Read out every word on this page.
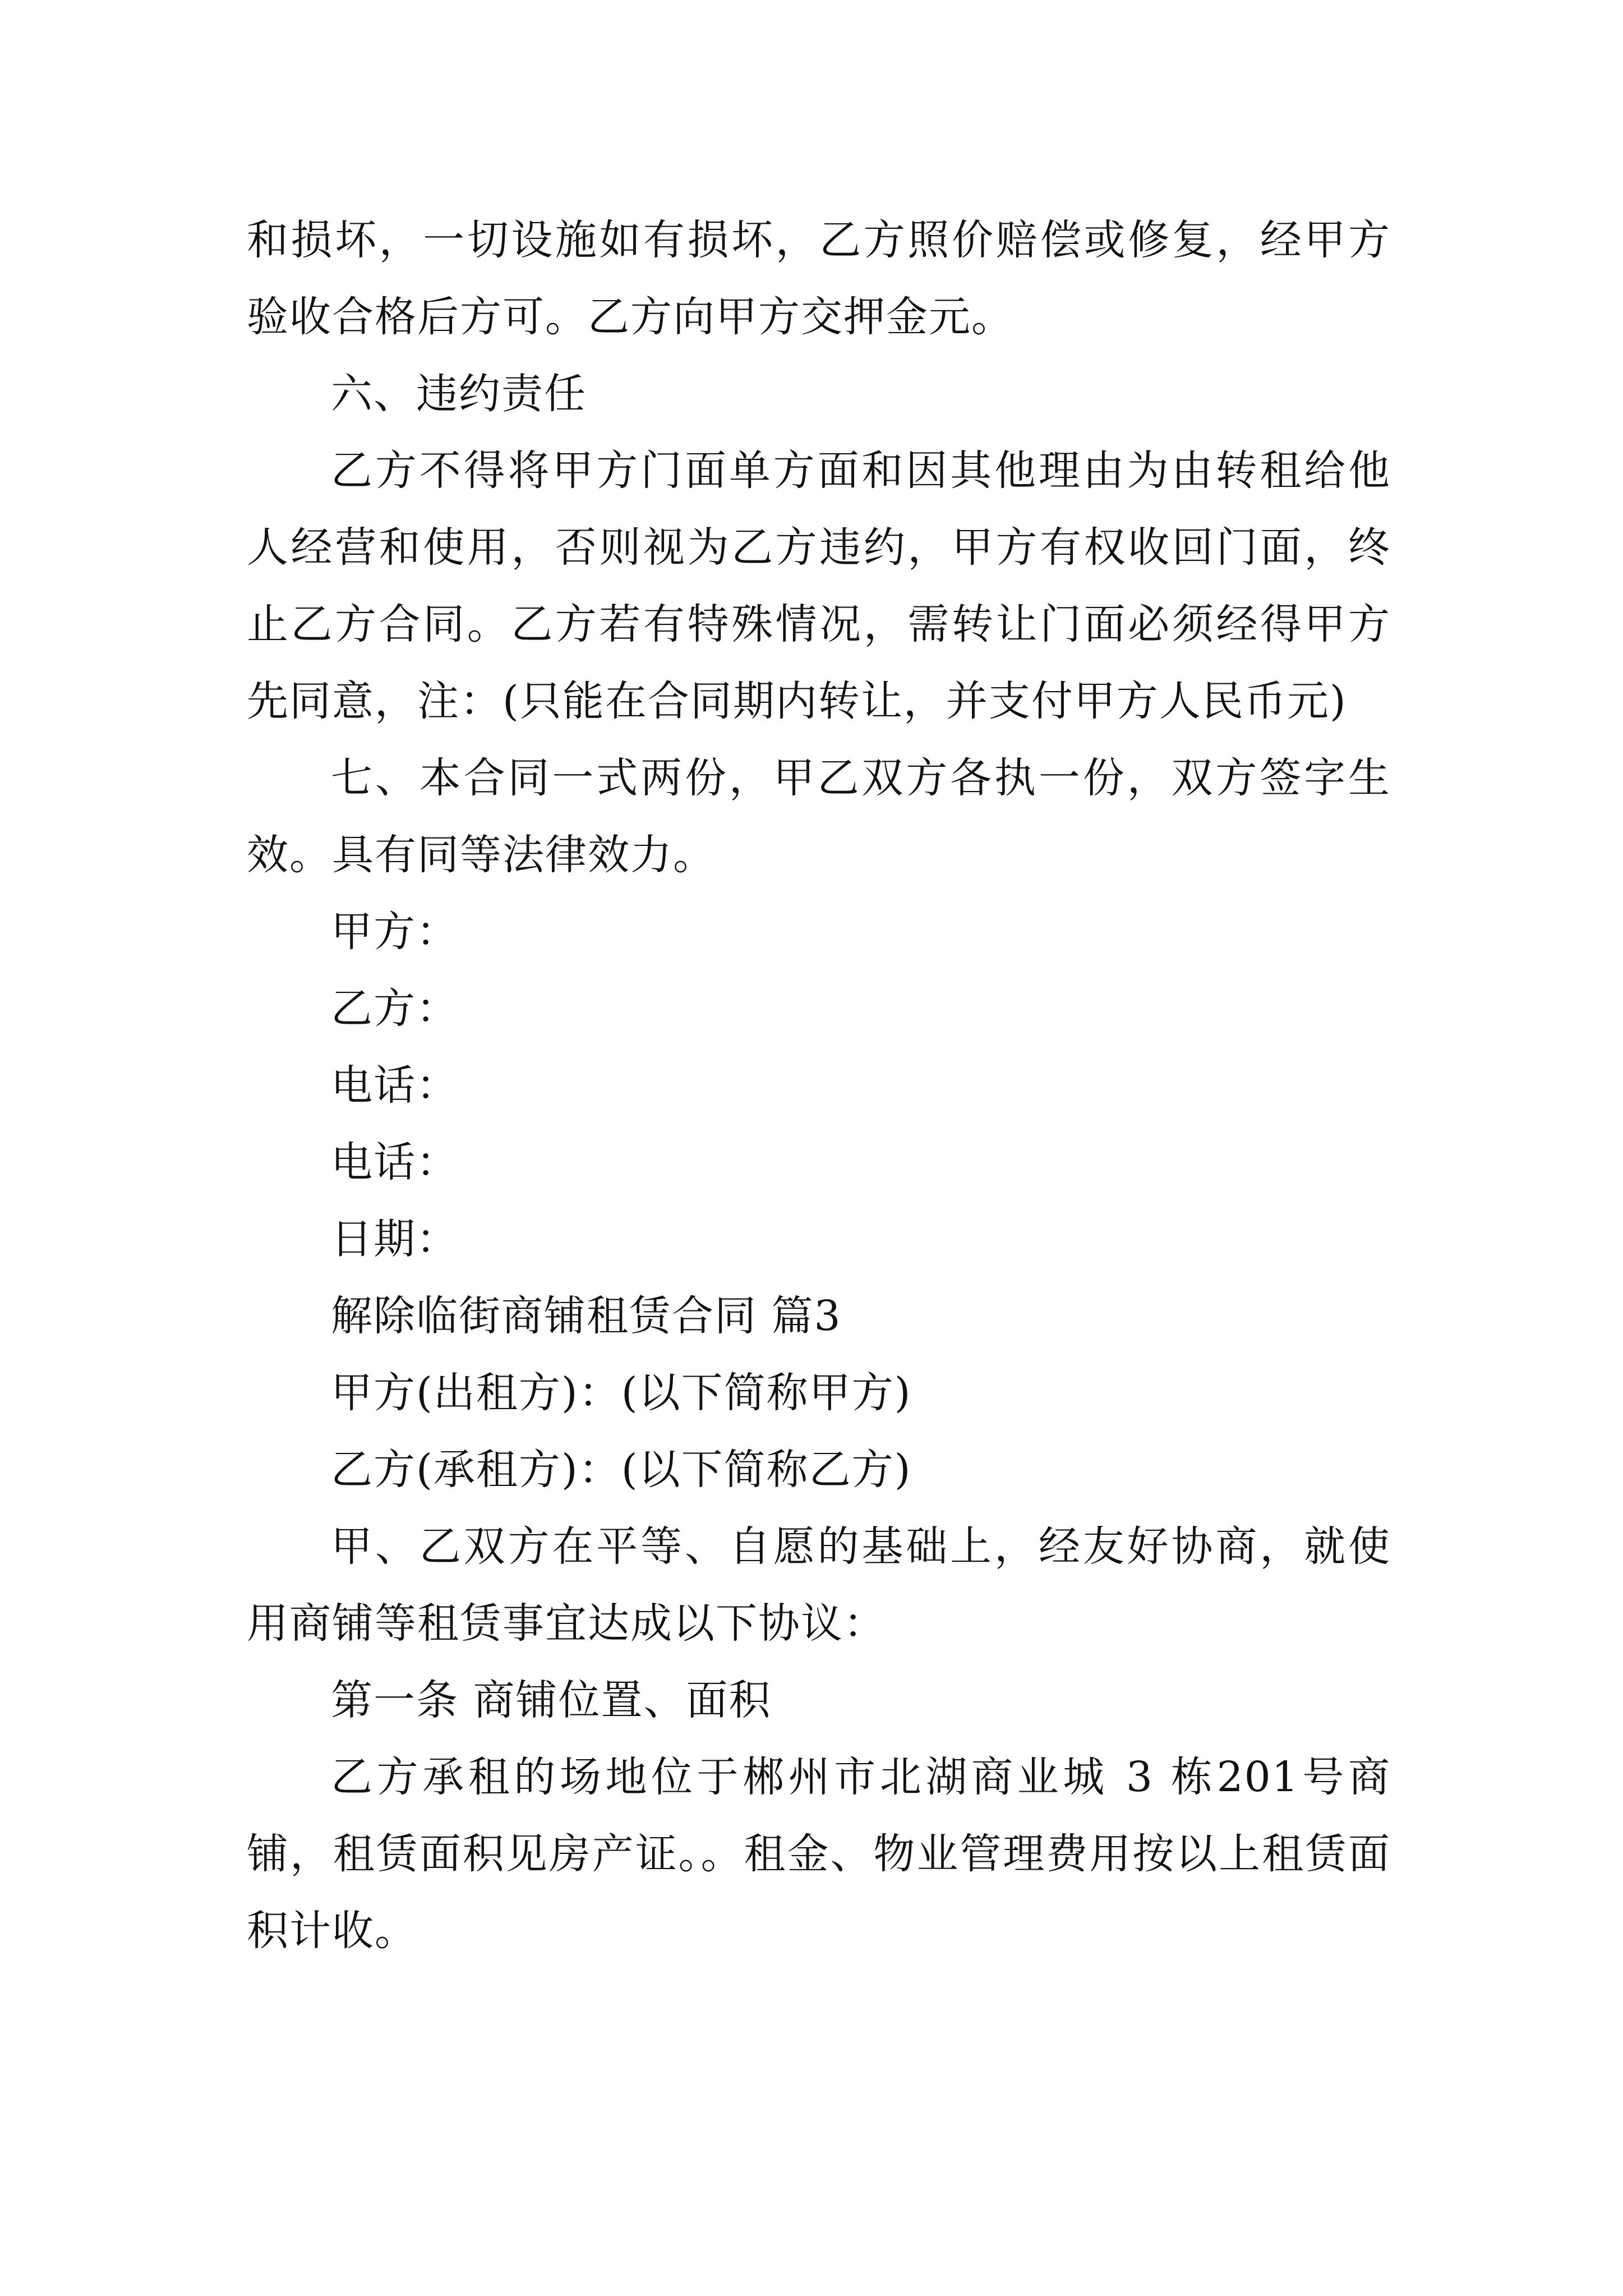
和损坏，一切设施如有损坏，乙方照价赔偿或修复，经甲方验收合格后方可。乙方向甲方交押金元。

六、违约责任

乙方不得将甲方门面单方面和因其他理由为由转租给他人经营和使用，否则视为乙方违约，甲方有权收回门面，终止乙方合同。乙方若有特殊情况，需转让门面必须经得甲方先同意，注：(只能在合同期内转让，并支付甲方人民币元)

七、本合同一式两份，甲乙双方各执一份，双方签字生效。具有同等法律效力。

甲方：

乙方：

电话：

电话：

日期：

解除临街商铺租赁合同 篇3

甲方(出租方)：(以下简称甲方)

乙方(承租方)：(以下简称乙方)

甲、乙双方在平等、自愿的基础上，经友好协商，就使用商铺等租赁事宜达成以下协议：

第一条 商铺位置、面积

乙方承租的场地位于郴州市北湖商业城 3 栋201号商铺，租赁面积见房产证。。租金、物业管理费用按以上租赁面积计收。
